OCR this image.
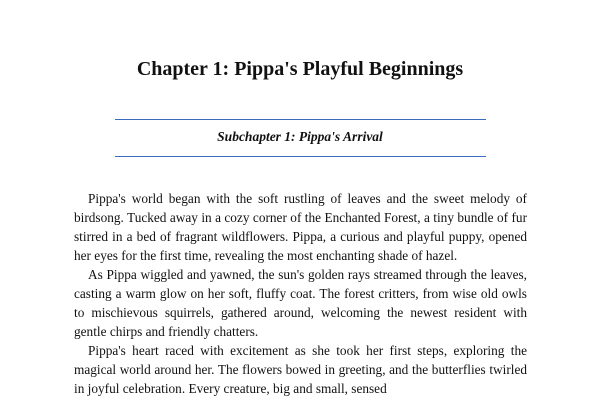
Chapter 1: Pippa's Playful Beginnings
Subchapter 1: Pippa's Arrival

Pippa's world began with the soft rustling of leaves and the sweet melody of birdsong. Tucked away in a cozy corner of the Enchanted Forest, a tiny bundle of fur stirred in a bed of fragrant wildflowers. Pippa, a curious and playful puppy, opened her eyes for the first time, revealing the most enchanting shade of hazel.

As Pippa wiggled and yawned, the sun's golden rays streamed through the leaves, casting a warm glow on her soft, fluffy coat. The forest critters, from wise old owls to mischievous squirrels, gathered around, welcoming the newest resident with gentle chirps and friendly chatters.

Pippa's heart raced with excitement as she took her first steps, exploring the magical world around her. The flowers bowed in greeting, and the butterflies twirled in joyful celebration. Every creature, big and small, sensed
